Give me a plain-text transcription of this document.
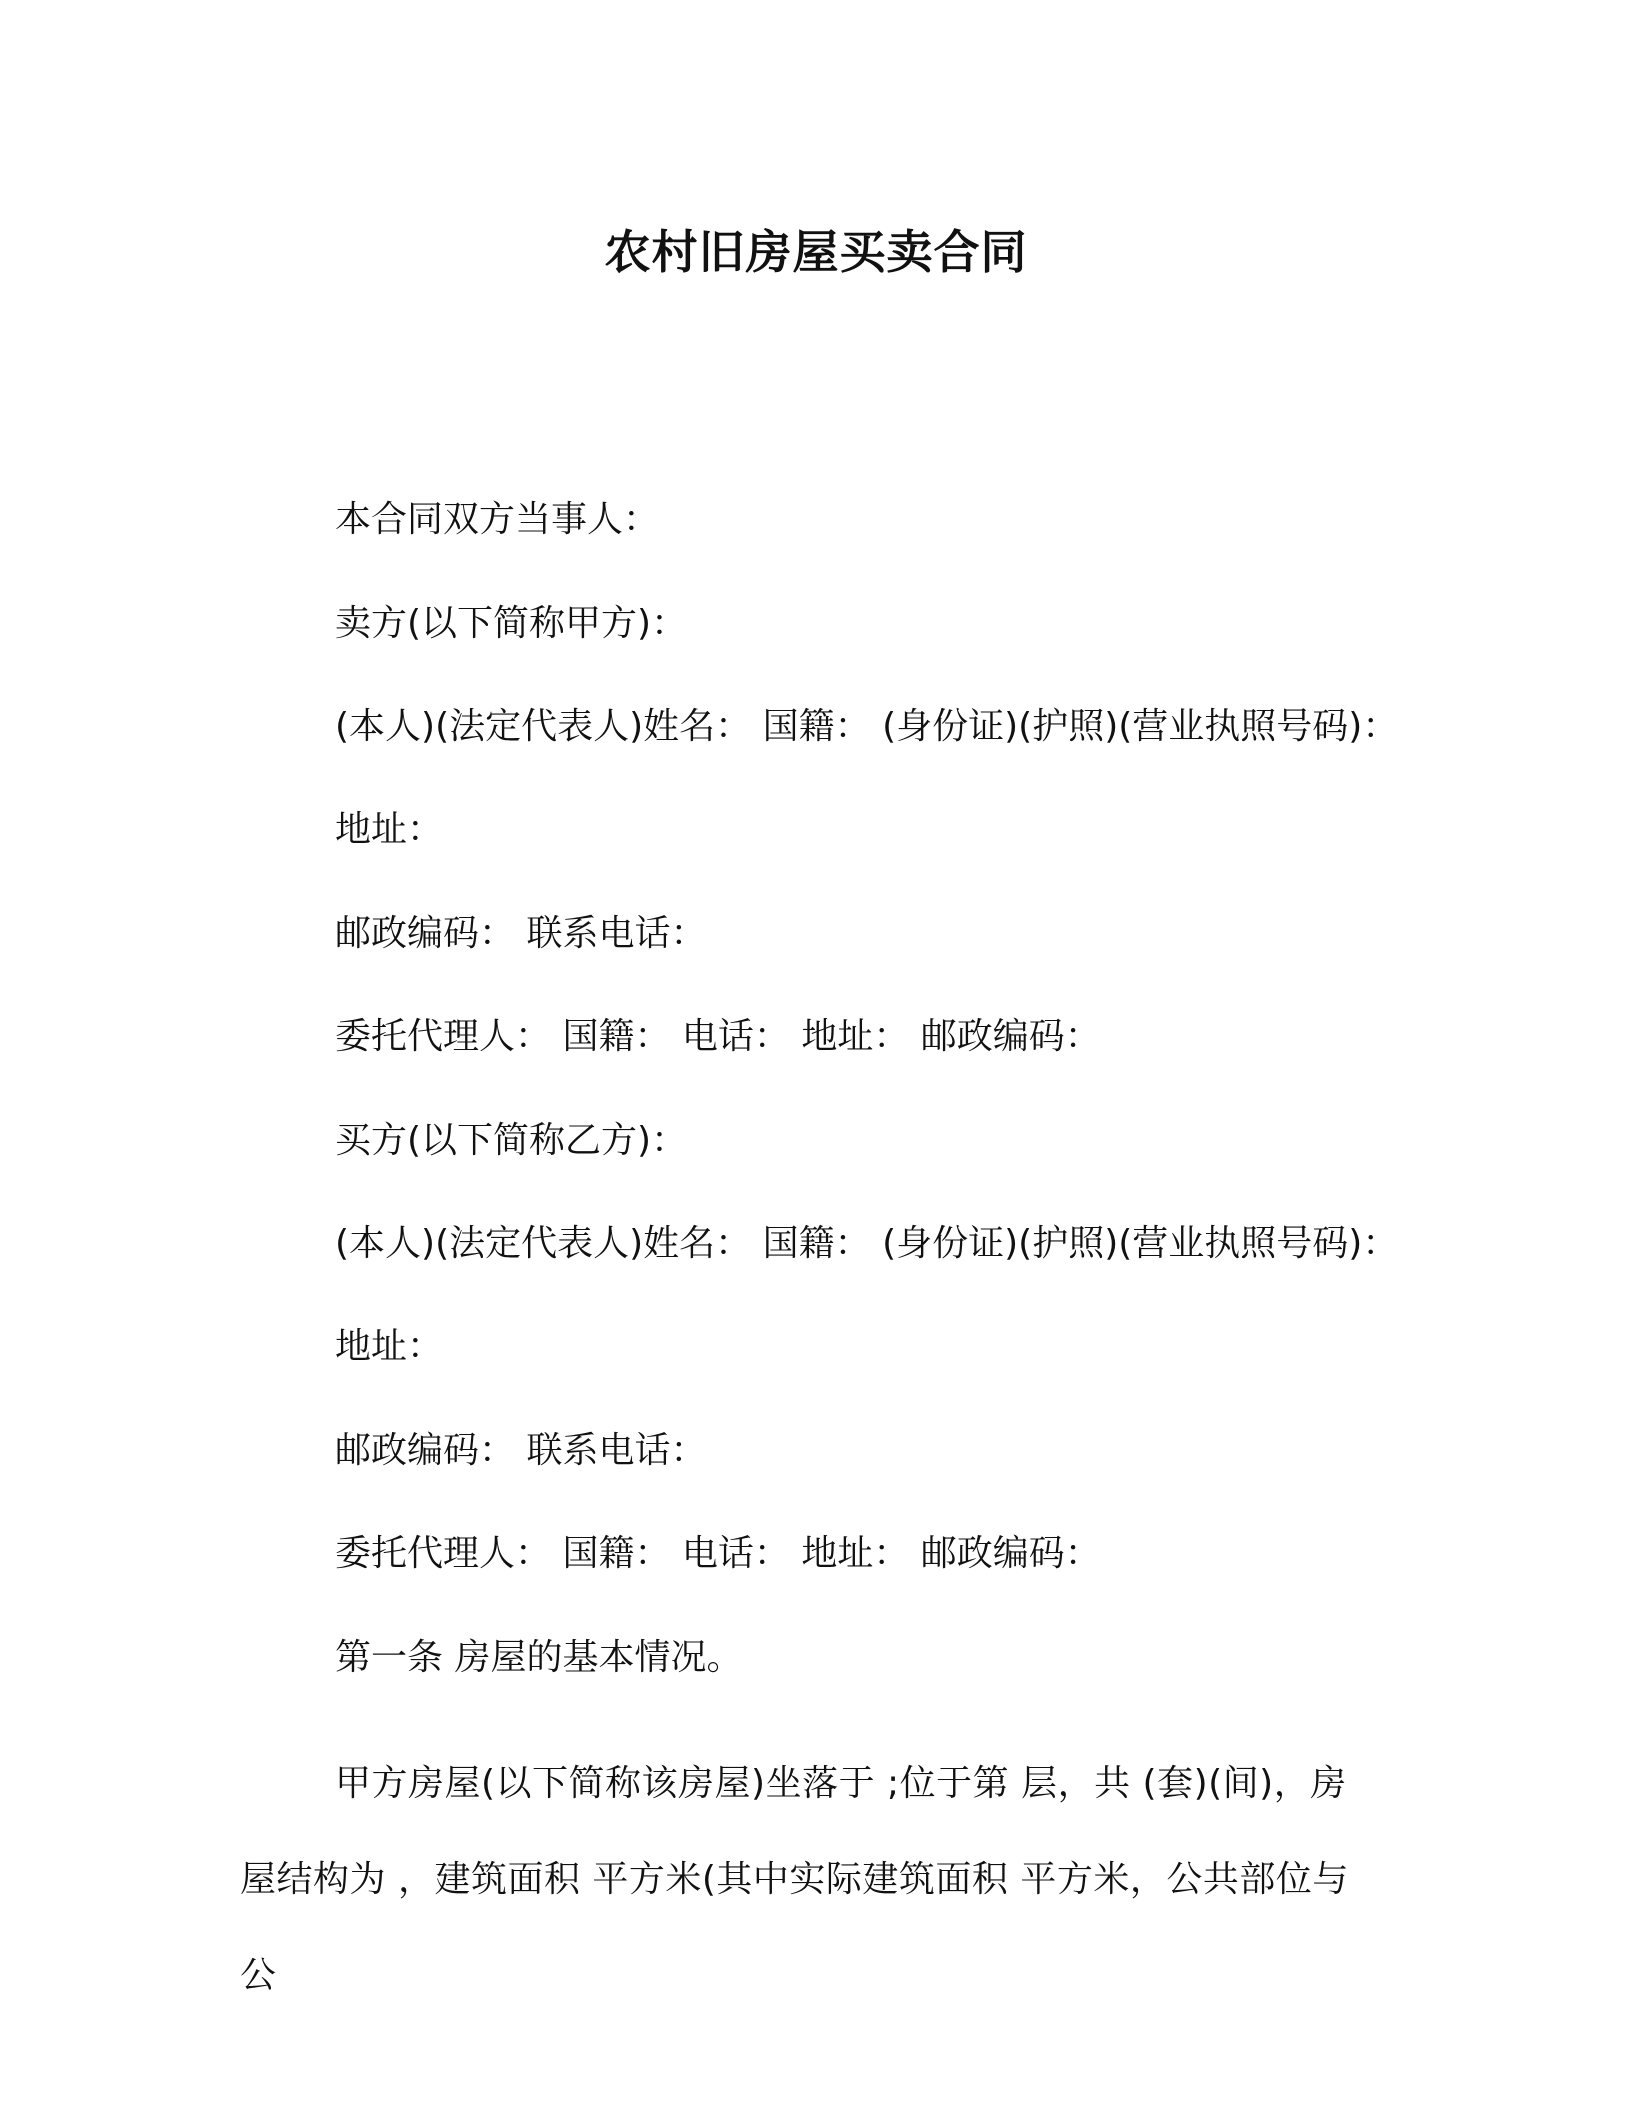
农村旧房屋买卖合同
本合同双方当事人：
卖方(以下简称甲方)：
(本人)(法定代表人)姓名： 国籍： (身份证)(护照)(营业执照号码)：
地址：
邮政编码： 联系电话：
委托代理人： 国籍： 电话： 地址： 邮政编码：
买方(以下简称乙方)：
(本人)(法定代表人)姓名： 国籍： (身份证)(护照)(营业执照号码)：
地址：
邮政编码： 联系电话：
委托代理人： 国籍： 电话： 地址： 邮政编码：
第一条 房屋的基本情况。
甲方房屋(以下简称该房屋)坐落于 ;位于第 层，共 (套)(间)，房屋结构为 ，建筑面积 平方米(其中实际建筑面积 平方米，公共部位与公
